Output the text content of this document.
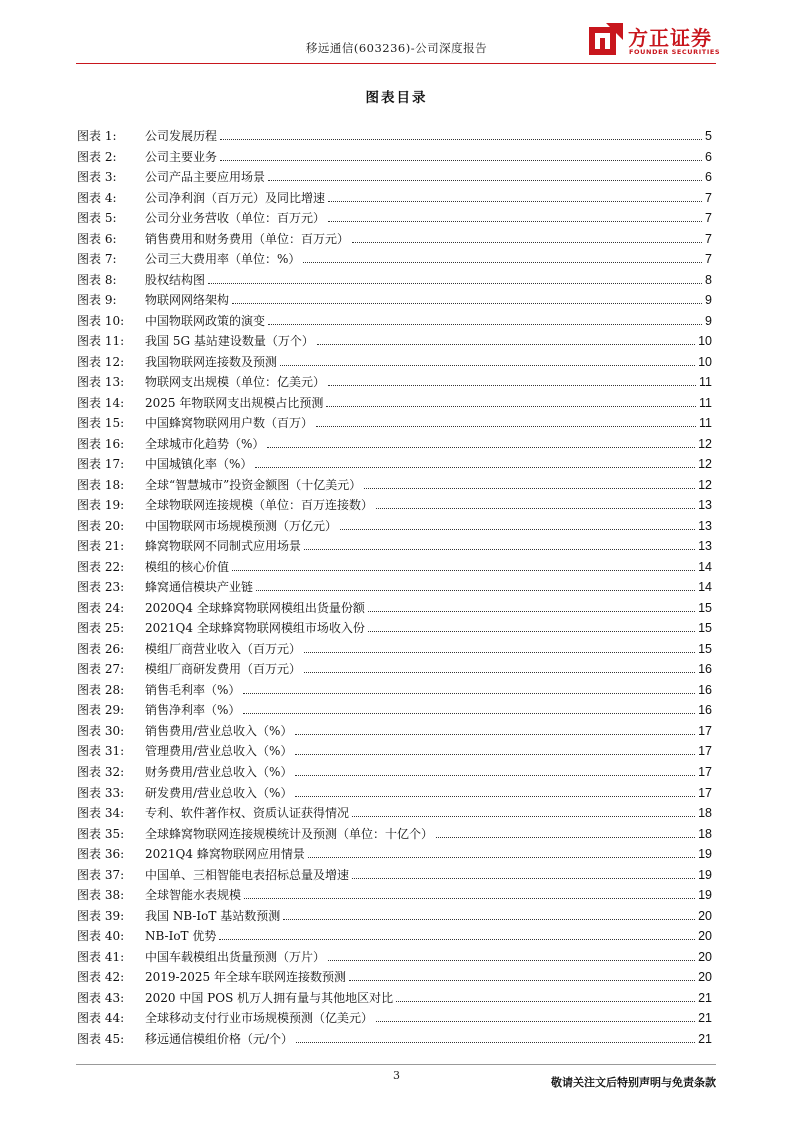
移远通信(603236)-公司深度报告	方正证券
FOUNDER SECURITIES
图表目录
图表 1:	公司发展历程	5
图表 2:	公司主要业务	6
图表 3:	公司产品主要应用场景	6
图表 4:	公司净利润（百万元）及同比增速	7
图表 5:	公司分业务营收（单位：百万元）	7
图表 6:	销售费用和财务费用（单位：百万元）	7
图表 7:	公司三大费用率（单位：%）	7
图表 8:	股权结构图	8
图表 9:	物联网网络架构	9
图表 10:	中国物联网政策的演变	9
图表 11:	我国 5G 基站建设数量（万个）	10
图表 12:	我国物联网连接数及预测	10
图表 13:	物联网支出规模（单位：亿美元）	11
图表 14:	2025 年物联网支出规模占比预测	11
图表 15:	中国蜂窝物联网用户数（百万）	11
图表 16:	全球城市化趋势（%）	12
图表 17:	中国城镇化率（%）	12
图表 18:	全球“智慧城市”投资金额图（十亿美元）	12
图表 19:	全球物联网连接规模（单位：百万连接数）	13
图表 20:	中国物联网市场规模预测（万亿元）	13
图表 21:	蜂窝物联网不同制式应用场景	13
图表 22:	模组的核心价值	14
图表 23:	蜂窝通信模块产业链	14
图表 24:	2020Q4 全球蜂窝物联网模组出货量份额	15
图表 25:	2021Q4 全球蜂窝物联网模组市场收入份	15
图表 26:	模组厂商营业收入（百万元）	15
图表 27:	模组厂商研发费用（百万元）	16
图表 28:	销售毛利率（%）	16
图表 29:	销售净利率（%）	16
图表 30:	销售费用/营业总收入（%）	17
图表 31:	管理费用/营业总收入（%）	17
图表 32:	财务费用/营业总收入（%）	17
图表 33:	研发费用/营业总收入（%）	17
图表 34:	专利、软件著作权、资质认证获得情况	18
图表 35:	全球蜂窝物联网连接规模统计及预测（单位：十亿个）	18
图表 36:	2021Q4 蜂窝物联网应用情景	19
图表 37:	中国单、三相智能电表招标总量及增速	19
图表 38:	全球智能水表规模	19
图表 39:	我国 NB-IoT 基站数预测	20
图表 40:	NB-IoT 优势	20
图表 41:	中国车载模组出货量预测（万片）	20
图表 42:	2019-2025 年全球车联网连接数预测	20
图表 43:	2020 中国 POS 机万人拥有量与其他地区对比	21
图表 44:	全球移动支付行业市场规模预测（亿美元）	21
图表 45:	移远通信模组价格（元/个）	21
3
敬请关注文后特别声明与免责条款
